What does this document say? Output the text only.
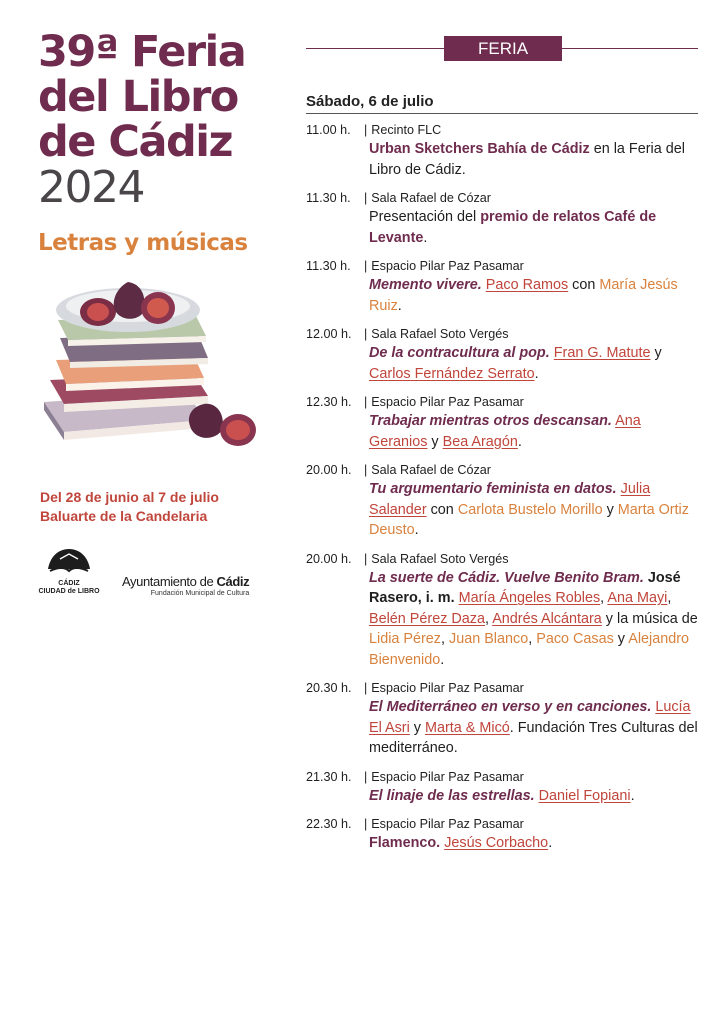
39ª Feria
del Libro
de Cádiz
2024
Letras y músicas
Del 28 de junio al 7 de julio
Baluarte de la Candelaria
CÁDIZ
CIUDAD de LIBRO
Ayuntamiento de Cádiz
Fundación Municipal de Cultura
FERIA
Sábado, 6 de julio
11.00 h. | Recinto FLC
Urban Sketchers Bahía de Cádiz en la Feria del Libro de Cádiz.
11.30 h. | Sala Rafael de Cózar
Presentación del premio de relatos Café de Levante.
11.30 h. | Espacio Pilar Paz Pasamar
Memento vivere. Paco Ramos con María Jesús Ruiz.
12.00 h. | Sala Rafael Soto Vergés
De la contracultura al pop. Fran G. Matute y Carlos Fernández Serrato.
12.30 h. | Espacio Pilar Paz Pasamar
Trabajar mientras otros descansan. Ana Geranios y Bea Aragón.
20.00 h. | Sala Rafael de Cózar
Tu argumentario feminista en datos. Julia Salander con Carlota Bustelo Morillo y Marta Ortiz Deusto.
20.00 h. | Sala Rafael Soto Vergés
La suerte de Cádiz. Vuelve Benito Bram. José Rasero, i. m. María Ángeles Robles, Ana Mayi, Belén Pérez Daza, Andrés Alcántara y la música de Lidia Pérez, Juan Blanco, Paco Casas y Alejandro Bienvenido.
20.30 h. | Espacio Pilar Paz Pasamar
El Mediterráneo en verso y en canciones. Lucía El Asri y Marta & Micó. Fundación Tres Culturas del mediterráneo.
21.30 h. | Espacio Pilar Paz Pasamar
El linaje de las estrellas. Daniel Fopiani.
22.30 h. | Espacio Pilar Paz Pasamar
Flamenco. Jesús Corbacho.
